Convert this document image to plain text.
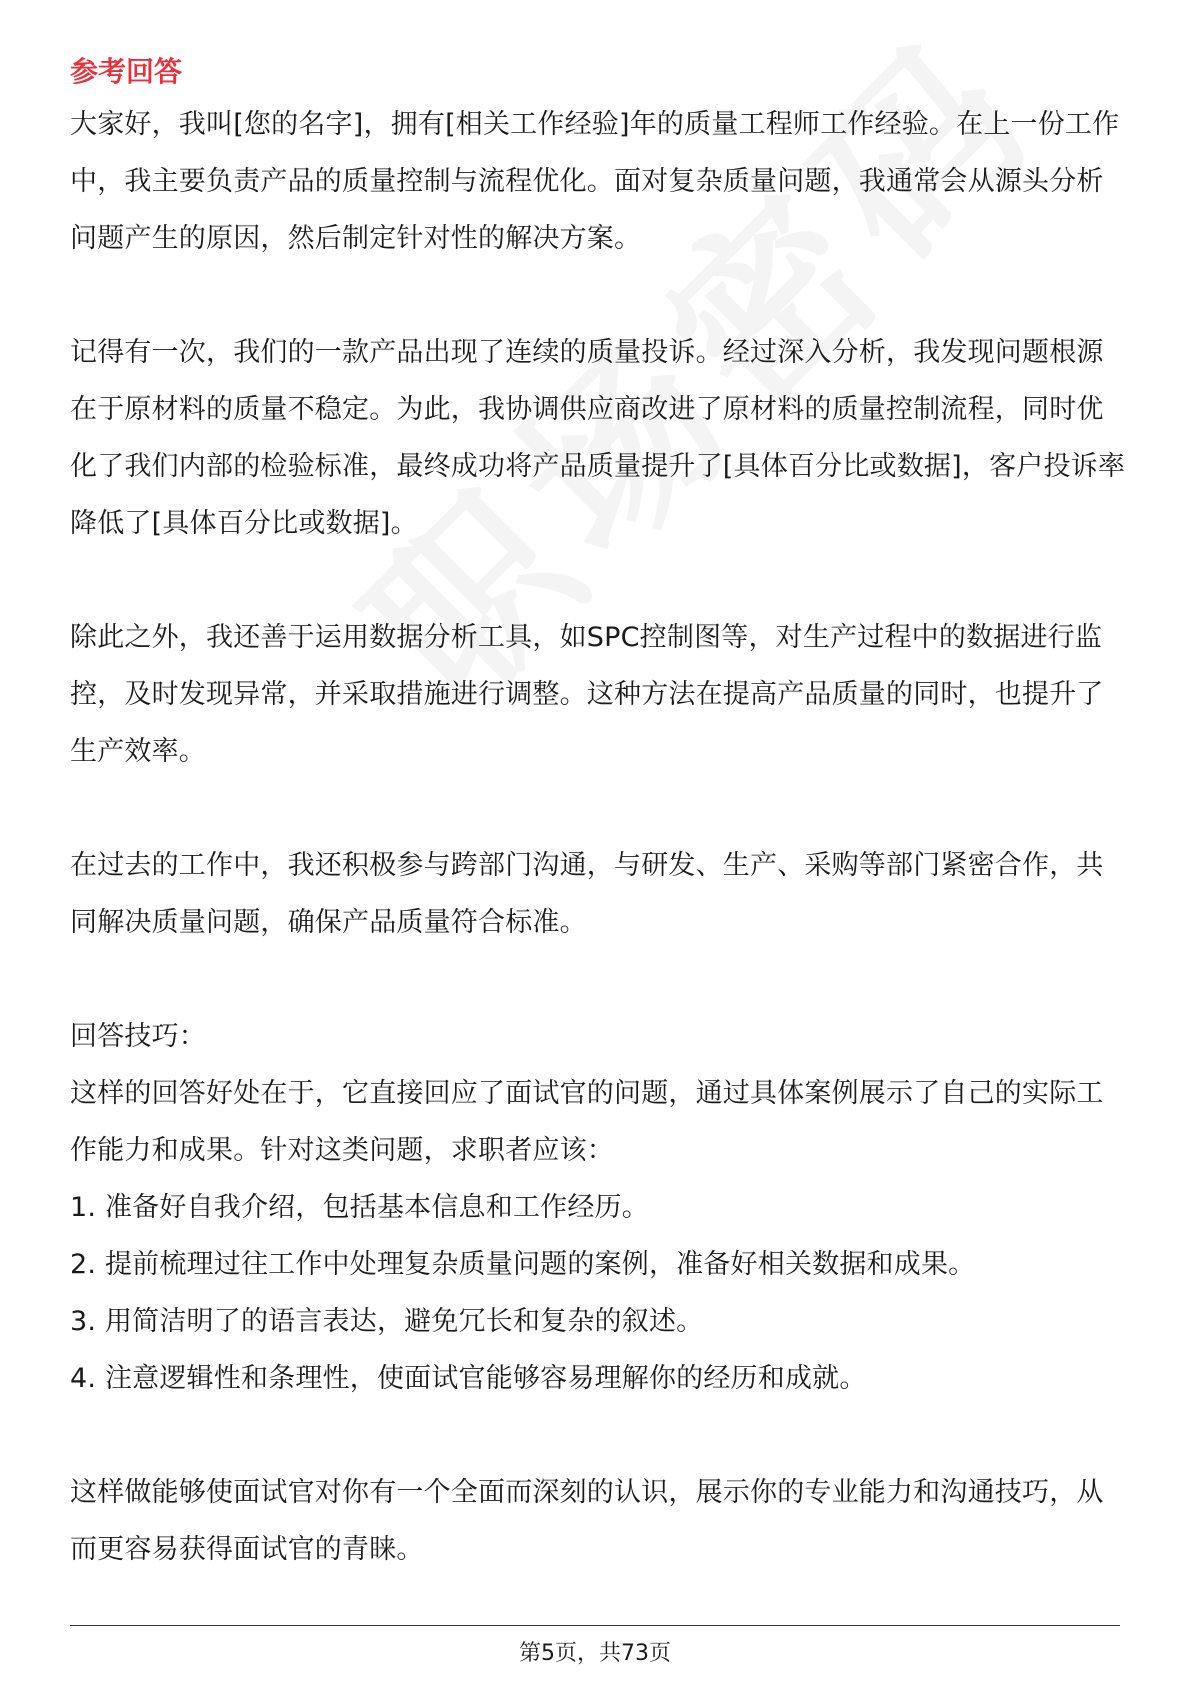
参考回答

大家好，我叫[您的名字]，拥有[相关工作经验]年的质量工程师工作经验。在上一份工作中，我主要负责产品的质量控制与流程优化。面对复杂质量问题，我通常会从源头分析问题产生的原因，然后制定针对性的解决方案。

记得有一次，我们的一款产品出现了连续的质量投诉。经过深入分析，我发现问题根源在于原材料的质量不稳定。为此，我协调供应商改进了原材料的质量控制流程，同时优化了我们内部的检验标准，最终成功将产品质量提升了[具体百分比或数据]，客户投诉率降低了[具体百分比或数据]。

除此之外，我还善于运用数据分析工具，如SPC控制图等，对生产过程中的数据进行监控，及时发现异常，并采取措施进行调整。这种方法在提高产品质量的同时，也提升了生产效率。

在过去的工作中，我还积极参与跨部门沟通，与研发、生产、采购等部门紧密合作，共同解决质量问题，确保产品质量符合标准。

回答技巧：

这样的回答好处在于，它直接回应了面试官的问题，通过具体案例展示了自己的实际工作能力和成果。针对这类问题，求职者应该：

1. 准备好自我介绍，包括基本信息和工作经历。

2. 提前梳理过往工作中处理复杂质量问题的案例，准备好相关数据和成果。

3. 用简洁明了的语言表达，避免冗长和复杂的叙述。

4. 注意逻辑性和条理性，使面试官能够容易理解你的经历和成就。

这样做能够使面试官对你有一个全面而深刻的认识，展示你的专业能力和沟通技巧，从而更容易获得面试官的青睐。

第5页，共73页
